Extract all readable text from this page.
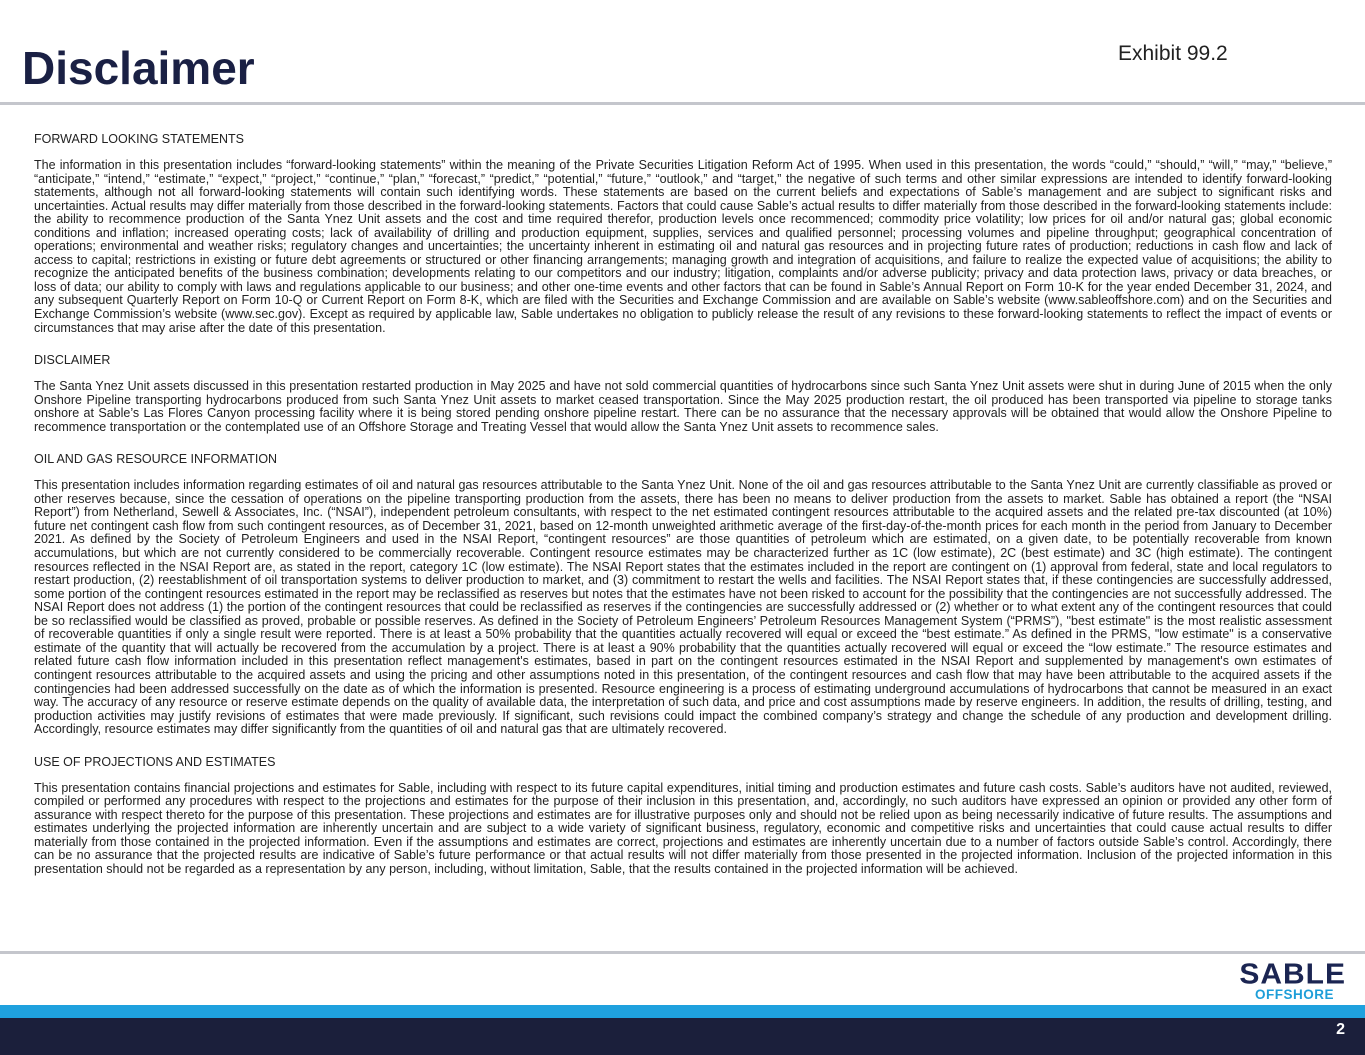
Disclaimer	Exhibit 99.2
FORWARD LOOKING STATEMENTS

The information in this presentation includes “forward-looking statements” within the meaning of the Private Securities Litigation Reform Act of 1995. When used in this presentation, the words “could,” “should,” “will,” “may,” “believe,” “anticipate,” “intend,” “estimate,” “expect,” “project,” “continue,” “plan,” “forecast,” “predict,” “potential,” “future,” “outlook,” and “target,” the negative of such terms and other similar expressions are intended to identify forward-looking statements, although not all forward-looking statements will contain such identifying words. These statements are based on the current beliefs and expectations of Sable’s management and are subject to significant risks and uncertainties. Actual results may differ materially from those described in the forward-looking statements. Factors that could cause Sable’s actual results to differ materially from those described in the forward-looking statements include: the ability to recommence production of the Santa Ynez Unit assets and the cost and time required therefor, production levels once recommenced; commodity price volatility; low prices for oil and/or natural gas; global economic conditions and inflation; increased operating costs; lack of availability of drilling and production equipment, supplies, services and qualified personnel; processing volumes and pipeline throughput; geographical concentration of operations; environmental and weather risks; regulatory changes and uncertainties; the uncertainty inherent in estimating oil and natural gas resources and in projecting future rates of production; reductions in cash flow and lack of access to capital; restrictions in existing or future debt agreements or structured or other financing arrangements; managing growth and integration of acquisitions, and failure to realize the expected value of acquisitions; the ability to recognize the anticipated benefits of the business combination; developments relating to our competitors and our industry; litigation, complaints and/or adverse publicity; privacy and data protection laws, privacy or data breaches, or loss of data; our ability to comply with laws and regulations applicable to our business; and other one-time events and other factors that can be found in Sable’s Annual Report on Form 10-K for the year ended December 31, 2024, and any subsequent Quarterly Report on Form 10-Q or Current Report on Form 8-K, which are filed with the Securities and Exchange Commission and are available on Sable’s website (www.sableoffshore.com) and on the Securities and Exchange Commission’s website (www.sec.gov). Except as required by applicable law, Sable undertakes no obligation to publicly release the result of any revisions to these forward-looking statements to reflect the impact of events or circumstances that may arise after the date of this presentation.

DISCLAIMER

The Santa Ynez Unit assets discussed in this presentation restarted production in May 2025 and have not sold commercial quantities of hydrocarbons since such Santa Ynez Unit assets were shut in during June of 2015 when the only Onshore Pipeline transporting hydrocarbons produced from such Santa Ynez Unit assets to market ceased transportation. Since the May 2025 production restart, the oil produced has been transported via pipeline to storage tanks onshore at Sable’s Las Flores Canyon processing facility where it is being stored pending onshore pipeline restart. There can be no assurance that the necessary approvals will be obtained that would allow the Onshore Pipeline to recommence transportation or the contemplated use of an Offshore Storage and Treating Vessel that would allow the Santa Ynez Unit assets to recommence sales.

OIL AND GAS RESOURCE INFORMATION

This presentation includes information regarding estimates of oil and natural gas resources attributable to the Santa Ynez Unit. None of the oil and gas resources attributable to the Santa Ynez Unit are currently classifiable as proved or other reserves because, since the cessation of operations on the pipeline transporting production from the assets, there has been no means to deliver production from the assets to market. Sable has obtained a report (the “NSAI Report”) from Netherland, Sewell & Associates, Inc. (“NSAI”), independent petroleum consultants, with respect to the net estimated contingent resources attributable to the acquired assets and the related pre-tax discounted (at 10%) future net contingent cash flow from such contingent resources, as of December 31, 2021, based on 12-month unweighted arithmetic average of the first-day-of-the-month prices for each month in the period from January to December 2021. As defined by the Society of Petroleum Engineers and used in the NSAI Report, “contingent resources” are those quantities of petroleum which are estimated, on a given date, to be potentially recoverable from known accumulations, but which are not currently considered to be commercially recoverable. Contingent resource estimates may be characterized further as 1C (low estimate), 2C (best estimate) and 3C (high estimate). The contingent resources reflected in the NSAI Report are, as stated in the report, category 1C (low estimate). The NSAI Report states that the estimates included in the report are contingent on (1) approval from federal, state and local regulators to restart production, (2) reestablishment of oil transportation systems to deliver production to market, and (3) commitment to restart the wells and facilities. The NSAI Report states that, if these contingencies are successfully addressed, some portion of the contingent resources estimated in the report may be reclassified as reserves but notes that the estimates have not been risked to account for the possibility that the contingencies are not successfully addressed. The NSAI Report does not address (1) the portion of the contingent resources that could be reclassified as reserves if the contingencies are successfully addressed or (2) whether or to what extent any of the contingent resources that could be so reclassified would be classified as proved, probable or possible reserves. As defined in the Society of Petroleum Engineers’ Petroleum Resources Management System (“PRMS”), "best estimate" is the most realistic assessment of recoverable quantities if only a single result were reported. There is at least a 50% probability that the quantities actually recovered will equal or exceed the “best estimate.” As defined in the PRMS, "low estimate" is a conservative estimate of the quantity that will actually be recovered from the accumulation by a project. There is at least a 90% probability that the quantities actually recovered will equal or exceed the “low estimate.” The resource estimates and related future cash flow information included in this presentation reflect management's estimates, based in part on the contingent resources estimated in the NSAI Report and supplemented by management's own estimates of contingent resources attributable to the acquired assets and using the pricing and other assumptions noted in this presentation, of the contingent resources and cash flow that may have been attributable to the acquired assets if the contingencies had been addressed successfully on the date as of which the information is presented. Resource engineering is a process of estimating underground accumulations of hydrocarbons that cannot be measured in an exact way. The accuracy of any resource or reserve estimate depends on the quality of available data, the interpretation of such data, and price and cost assumptions made by reserve engineers. In addition, the results of drilling, testing, and production activities may justify revisions of estimates that were made previously. If significant, such revisions could impact the combined company’s strategy and change the schedule of any production and development drilling. Accordingly, resource estimates may differ significantly from the quantities of oil and natural gas that are ultimately recovered.

USE OF PROJECTIONS AND ESTIMATES

This presentation contains financial projections and estimates for Sable, including with respect to its future capital expenditures, initial timing and production estimates and future cash costs. Sable’s auditors have not audited, reviewed, compiled or performed any procedures with respect to the projections and estimates for the purpose of their inclusion in this presentation, and, accordingly, no such auditors have expressed an opinion or provided any other form of assurance with respect thereto for the purpose of this presentation. These projections and estimates are for illustrative purposes only and should not be relied upon as being necessarily indicative of future results. The assumptions and estimates underlying the projected information are inherently uncertain and are subject to a wide variety of significant business, regulatory, economic and competitive risks and uncertainties that could cause actual results to differ materially from those contained in the projected information. Even if the assumptions and estimates are correct, projections and estimates are inherently uncertain due to a number of factors outside Sable’s control. Accordingly, there can be no assurance that the projected results are indicative of Sable’s future performance or that actual results will not differ materially from those presented in the projected information. Inclusion of the projected information in this presentation should not be regarded as a representation by any person, including, without limitation, Sable, that the results contained in the projected information will be achieved.

SABLE
OFFSHORE
2
